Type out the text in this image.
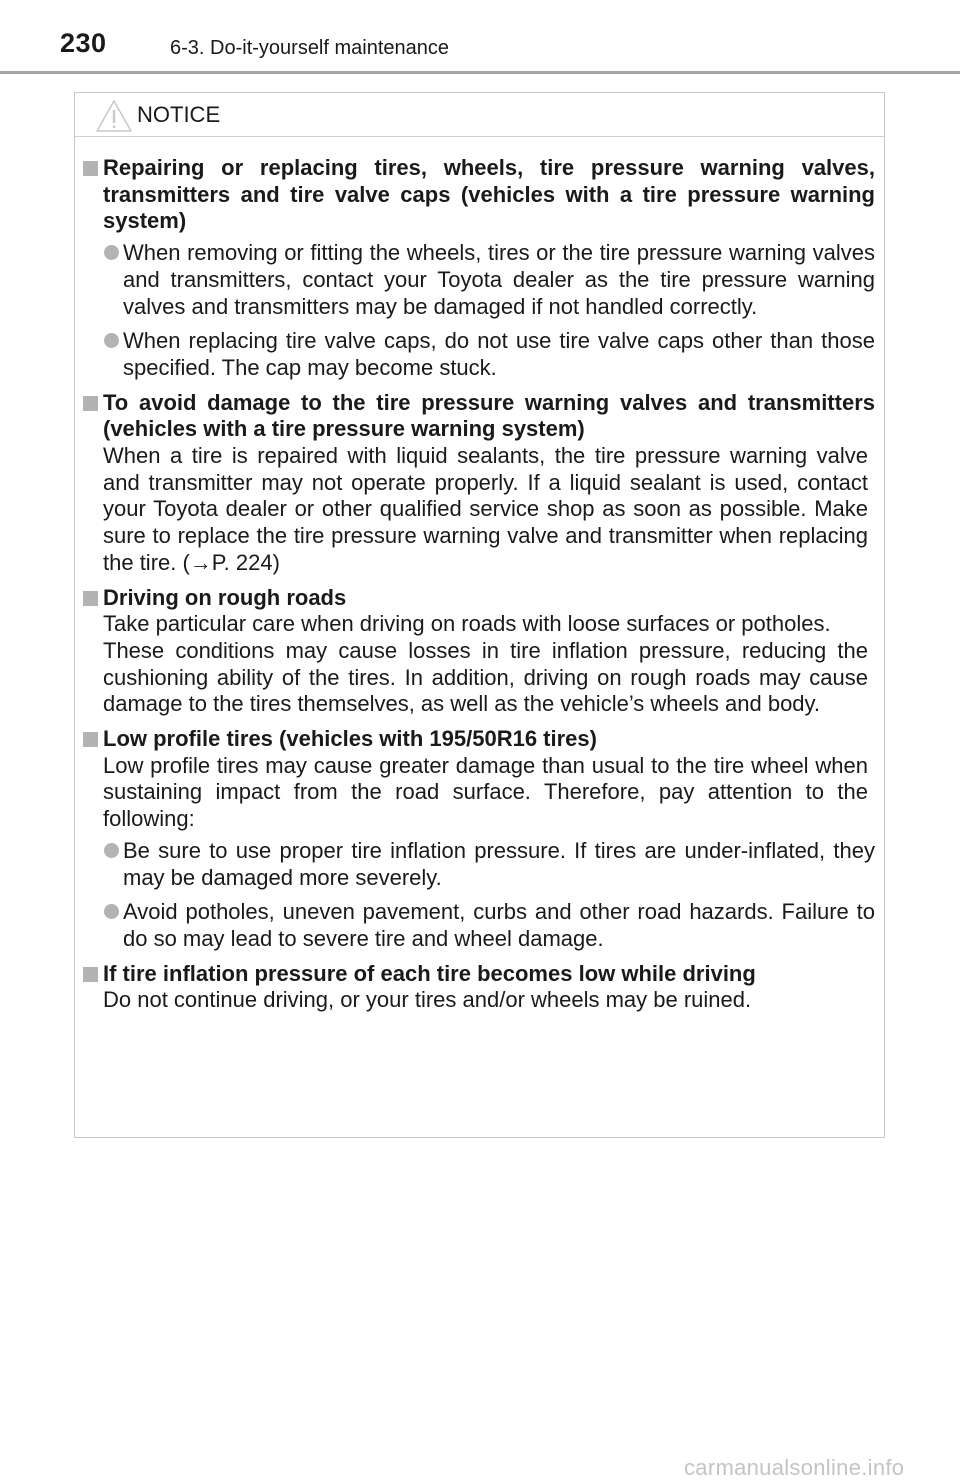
230	6-3. Do-it-yourself maintenance
NOTICE
Repairing or replacing tires, wheels, tire pressure warning valves, transmitters and tire valve caps (vehicles with a tire pressure warning system)
When removing or fitting the wheels, tires or the tire pressure warning valves and transmitters, contact your Toyota dealer as the tire pressure warning valves and transmitters may be damaged if not handled correctly.
When replacing tire valve caps, do not use tire valve caps other than those specified. The cap may become stuck.
To avoid damage to the tire pressure warning valves and transmitters (vehicles with a tire pressure warning system)
When a tire is repaired with liquid sealants, the tire pressure warning valve and transmitter may not operate properly. If a liquid sealant is used, contact your Toyota dealer or other qualified service shop as soon as possible. Make sure to replace the tire pressure warning valve and transmitter when replacing the tire. (→P. 224)
Driving on rough roads
Take particular care when driving on roads with loose surfaces or potholes.
These conditions may cause losses in tire inflation pressure, reducing the cushioning ability of the tires. In addition, driving on rough roads may cause damage to the tires themselves, as well as the vehicle’s wheels and body.
Low profile tires (vehicles with 195/50R16 tires)
Low profile tires may cause greater damage than usual to the tire wheel when sustaining impact from the road surface. Therefore, pay attention to the following:
Be sure to use proper tire inflation pressure. If tires are under-inflated, they may be damaged more severely.
Avoid potholes, uneven pavement, curbs and other road hazards. Failure to do so may lead to severe tire and wheel damage.
If tire inflation pressure of each tire becomes low while driving
Do not continue driving, or your tires and/or wheels may be ruined.
carmanualsonline.info
